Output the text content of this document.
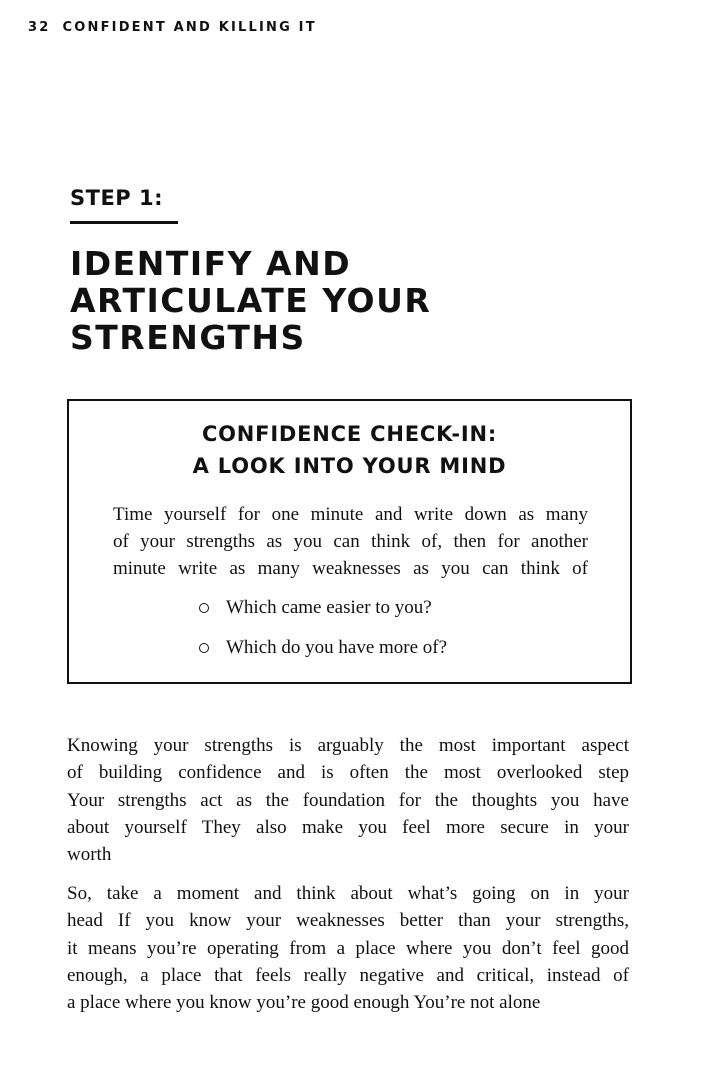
32 CONFIDENT AND KILLING IT
STEP 1:
IDENTIFY AND
ARTICULATE YOUR
STRENGTHS
CONFIDENCE CHECK-IN:
A LOOK INTO YOUR MIND
Time yourself for one minute and write down as many
of your strengths as you can think of, then for another
minute write as many weaknesses as you can think of
Which came easier to you?
Which do you have more of?
Knowing your strengths is arguably the most important aspect
of building confidence and is often the most overlooked step
Your strengths act as the foundation for the thoughts you have
about yourself They also make you feel more secure in your
worth
So, take a moment and think about what’s going on in your
head If you know your weaknesses better than your strengths,
it means you’re operating from a place where you don’t feel good
enough, a place that feels really negative and critical, instead of
a place where you know you’re good enough You’re not alone
